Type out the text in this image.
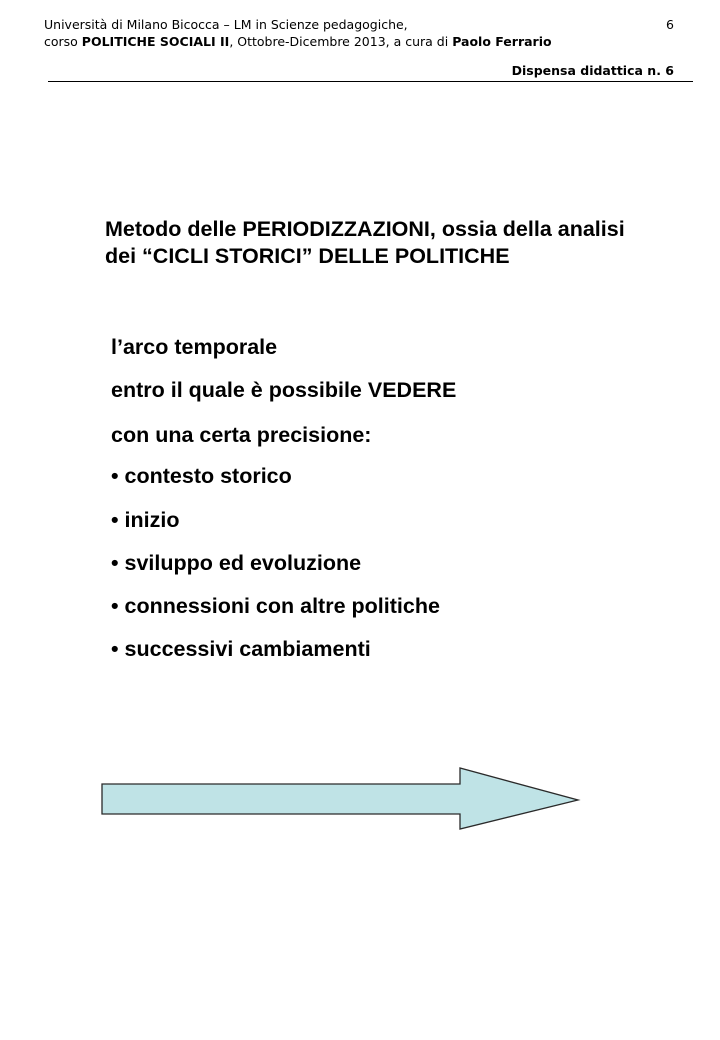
Università di Milano Bicocca – LM in Scienze pedagogiche,
corso POLITICHE SOCIALI II, Ottobre-Dicembre 2013, a cura di Paolo Ferrario
6
Dispensa didattica n. 6
Metodo delle PERIODIZZAZIONI, ossia della analisi
dei “CICLI STORICI” DELLE POLITICHE
l’arco temporale
entro il quale è possibile VEDERE
con una certa precisione:
• contesto storico
• inizio
• sviluppo ed evoluzione
• connessioni con altre politiche
• successivi cambiamenti
